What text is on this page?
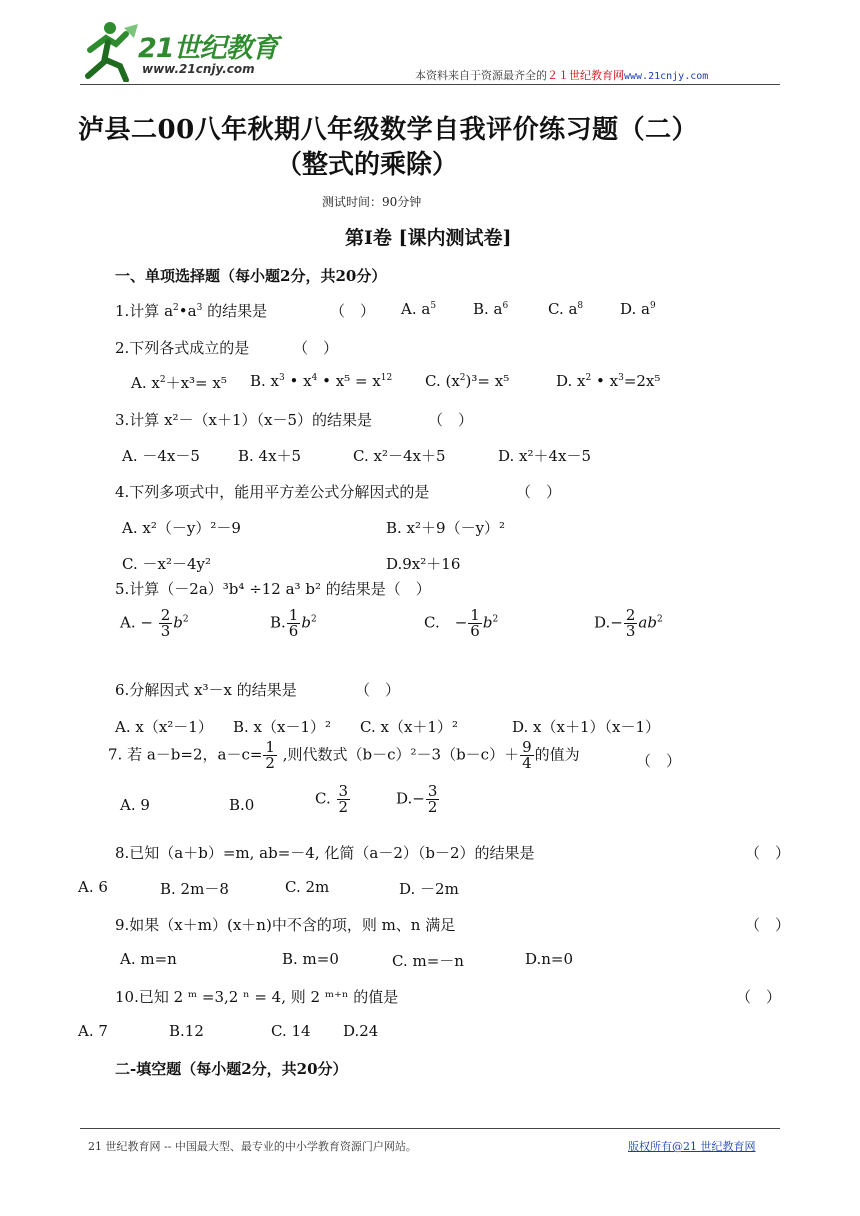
21世纪教育
www.21cnjy.com	本资料来自于资源最齐全的２１世纪教育网www.21cnjy.com
泸县二00八年秋期八年级数学自我评价练习题（二）
（整式的乘除）
测试时间：90分钟
第Ⅰ卷 [课内测试卷]
一、单项选择题（每小题2分，共20分）
1.计算 $a^2•a^3$ 的结果是	（　） A. $a^5$ B. $a^6$	C. $a^8$ D. $a^9$
2.下列各式成立的是	（　）
A. $x^2+x^3= x^5$ B. $x^3$ • $x^4$ • $x^5 = x^{12}$ C. $(x^2)^3= x^5$	D. $x^2$ • $x^3=2x^5$
3.计算 x²－（x＋1）（x－5）的结果是	（　）
A. －4x－5	B. 4x＋5	C. x²－4x＋5	D. x²＋4x－5
4.下列多项式中，能用平方差公式分解因式的是	（　）
A. x²（－y）²－9	B. x²＋9（－y）²
C. －x²－4y²	D.9x²＋16
5.计算（－2a）³b⁴ ÷12 a³ b² 的结果是（　）
A. − $\frac{2}{3} b^2$	B. $\frac{1}{6} b^2$	C.　− $\frac{1}{6} b^2$	$D.- \frac{2}{3} ab^2$
6.分解因式 x³－x 的结果是	（　）
A. x（x²－1） B. x（x－1）² C. x（x＋1）²	D. x（x＋1）（x－1）
7. 若 a－b=2，$a-c= \frac{1}{2}$ ,则代数式$(b-c)^2-3(b-c)+ \frac{9}{4}$ 的值为	（　）
A. 9	B.0	C. $\frac{3}{2}$	$D.- \frac{3}{2}$
8.已知（a＋b）=m, ab=－4, 化简（a－2）（b－2）的结果是	（　）
A. 6	B. 2m－8	C. 2m	D. －2m
9.如果（x＋m）(x＋n)中不含的项，则 m、n 满足	（　）
A. m=n	B. m=0	C. m=－n	D.n=0
10.已知 2 ᵐ =3,2 ⁿ = 4, 则 2 ᵐ⁺ⁿ 的值是	（　）
A. 7	B.12	C. 14 D.24
二-填空题（每小题2分，共20分）
21 世纪教育网 -- 中国最大型、最专业的中小学教育资源门户网站。	版权所有@21 世纪教育网
